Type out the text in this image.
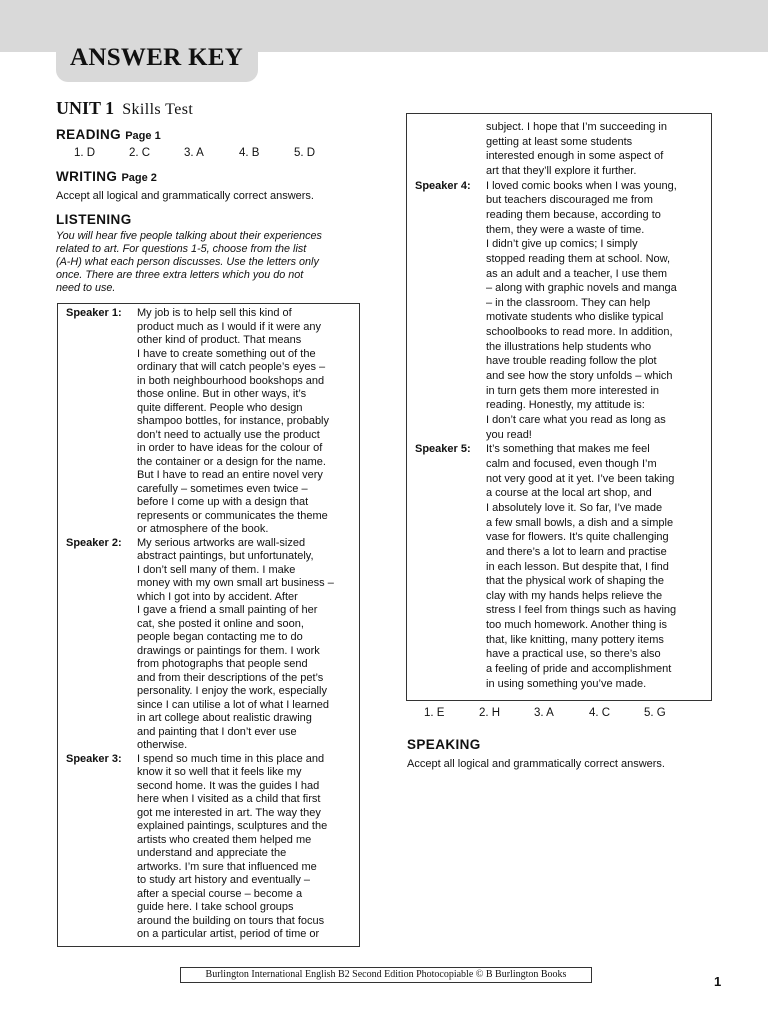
ANSWER KEY
UNIT 1 Skills Test
READING Page 1
1. D	2. C	3. A	4. B	5. D
WRITING Page 2
Accept all logical and grammatically correct answers.
LISTENING
You will hear five people talking about their experiences
related to art. For questions 1-5, choose from the list
(A-H) what each person discusses. Use the letters only
once. There are three extra letters which you do not
need to use.
Speaker 1: My job is to help sell this kind of
product much as I would if it were any
other kind of product. That means
I have to create something out of the
ordinary that will catch people’s eyes –
in both neighbourhood bookshops and
those online. But in other ways, it’s
quite different. People who design
shampoo bottles, for instance, probably
don’t need to actually use the product
in order to have ideas for the colour of
the container or a design for the name.
But I have to read an entire novel very
carefully – sometimes even twice –
before I come up with a design that
represents or communicates the theme
or atmosphere of the book.
Speaker 2: My serious artworks are wall-sized
abstract paintings, but unfortunately,
I don’t sell many of them. I make
money with my own small art business –
which I got into by accident. After
I gave a friend a small painting of her
cat, she posted it online and soon,
people began contacting me to do
drawings or paintings for them. I work
from photographs that people send
and from their descriptions of the pet’s
personality. I enjoy the work, especially
since I can utilise a lot of what I learned
in art college about realistic drawing
and painting that I don’t ever use
otherwise.
Speaker 3: I spend so much time in this place and
know it so well that it feels like my
second home. It was the guides I had
here when I visited as a child that first
got me interested in art. The way they
explained paintings, sculptures and the
artists who created them helped me
understand and appreciate the
artworks. I’m sure that influenced me
to study art history and eventually –
after a special course – become a
guide here. I take school groups
around the building on tours that focus
on a particular artist, period of time or
subject. I hope that I’m succeeding in
getting at least some students
interested enough in some aspect of
art that they’ll explore it further.
Speaker 4: I loved comic books when I was young,
but teachers discouraged me from
reading them because, according to
them, they were a waste of time.
I didn’t give up comics; I simply
stopped reading them at school. Now,
as an adult and a teacher, I use them
– along with graphic novels and manga
– in the classroom. They can help
motivate students who dislike typical
schoolbooks to read more. In addition,
the illustrations help students who
have trouble reading follow the plot
and see how the story unfolds – which
in turn gets them more interested in
reading. Honestly, my attitude is:
I don’t care what you read as long as
you read!
Speaker 5: It’s something that makes me feel
calm and focused, even though I’m
not very good at it yet. I’ve been taking
a course at the local art shop, and
I absolutely love it. So far, I’ve made
a few small bowls, a dish and a simple
vase for flowers. It’s quite challenging
and there’s a lot to learn and practise
in each lesson. But despite that, I find
that the physical work of shaping the
clay with my hands helps relieve the
stress I feel from things such as having
too much homework. Another thing is
that, like knitting, many pottery items
have a practical use, so there’s also
a feeling of pride and accomplishment
in using something you’ve made.
1. E	2. H	3. A	4. C	5. G
SPEAKING
Accept all logical and grammatically correct answers.
Burlington International English B2 Second Edition Photocopiable © B Burlington Books	1
